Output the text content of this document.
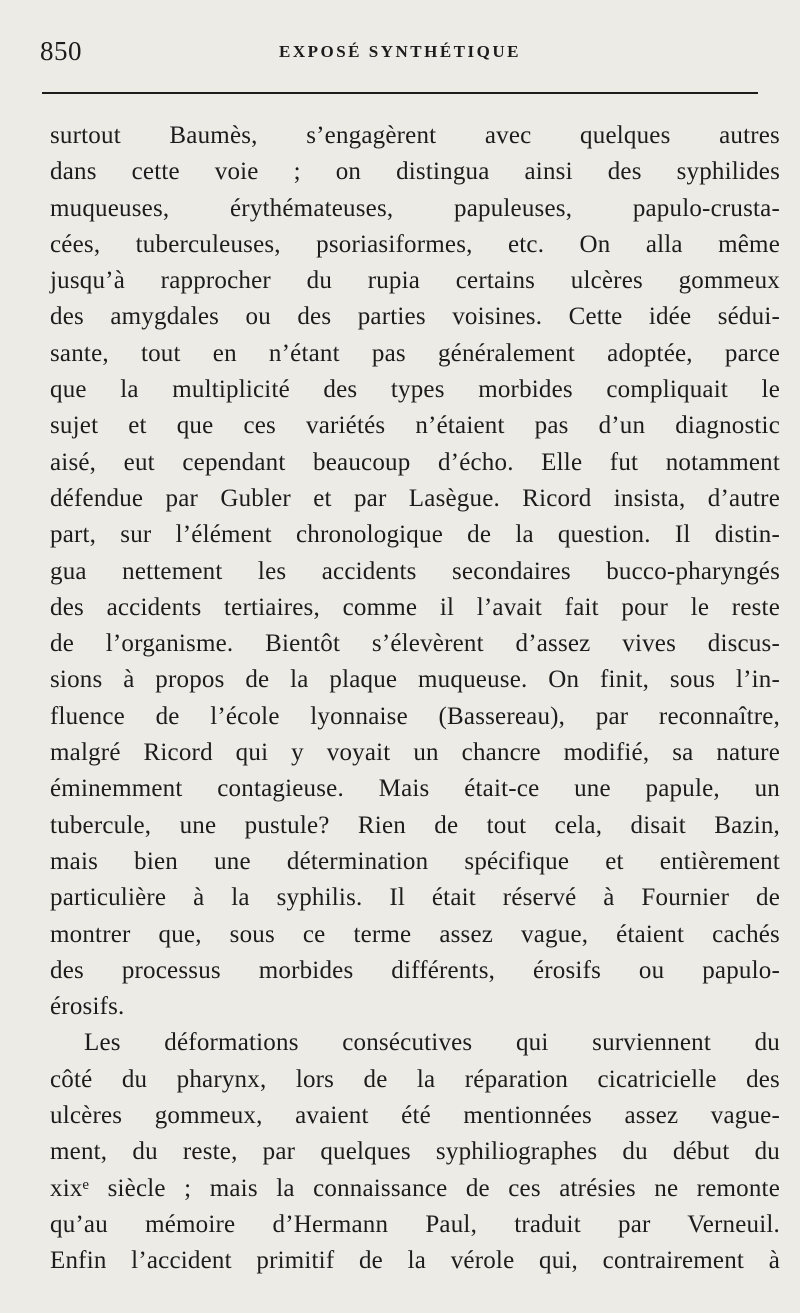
850	EXPOSÉ SYNTHÉTIQUE
surtout Baumès, s’engagèrent avec quelques autres
dans cette voie ; on distingua ainsi des syphilides
muqueuses, érythémateuses, papuleuses, papulo-crusta-
cées, tuberculeuses, psoriasiformes, etc. On alla même
jusqu’à rapprocher du rupia certains ulcères gommeux
des amygdales ou des parties voisines. Cette idée sédui-
sante, tout en n’étant pas généralement adoptée, parce
que la multiplicité des types morbides compliquait le
sujet et que ces variétés n’étaient pas d’un diagnostic
aisé, eut cependant beaucoup d’écho. Elle fut notamment
défendue par Gubler et par Lasègue. Ricord insista, d’autre
part, sur l’élément chronologique de la question. Il distin-
gua nettement les accidents secondaires bucco-pharyngés
des accidents tertiaires, comme il l’avait fait pour le reste
de l’organisme. Bientôt s’élevèrent d’assez vives discus-
sions à propos de la plaque muqueuse. On finit, sous l’in-
fluence de l’école lyonnaise (Bassereau), par reconnaître,
malgré Ricord qui y voyait un chancre modifié, sa nature
éminemment contagieuse. Mais était-ce une papule, un
tubercule, une pustule? Rien de tout cela, disait Bazin,
mais bien une détermination spécifique et entièrement
particulière à la syphilis. Il était réservé à Fournier de
montrer que, sous ce terme assez vague, étaient cachés
des processus morbides différents, érosifs ou papulo-
érosifs.
Les déformations consécutives qui surviennent du
côté du pharynx, lors de la réparation cicatricielle des
ulcères gommeux, avaient été mentionnées assez vague-
ment, du reste, par quelques syphiliographes du début du
xixᵉ siècle ; mais la connaissance de ces atrésies ne remonte
qu’au mémoire d’Hermann Paul, traduit par Verneuil.
Enfin l’accident primitif de la vérole qui, contrairement à
